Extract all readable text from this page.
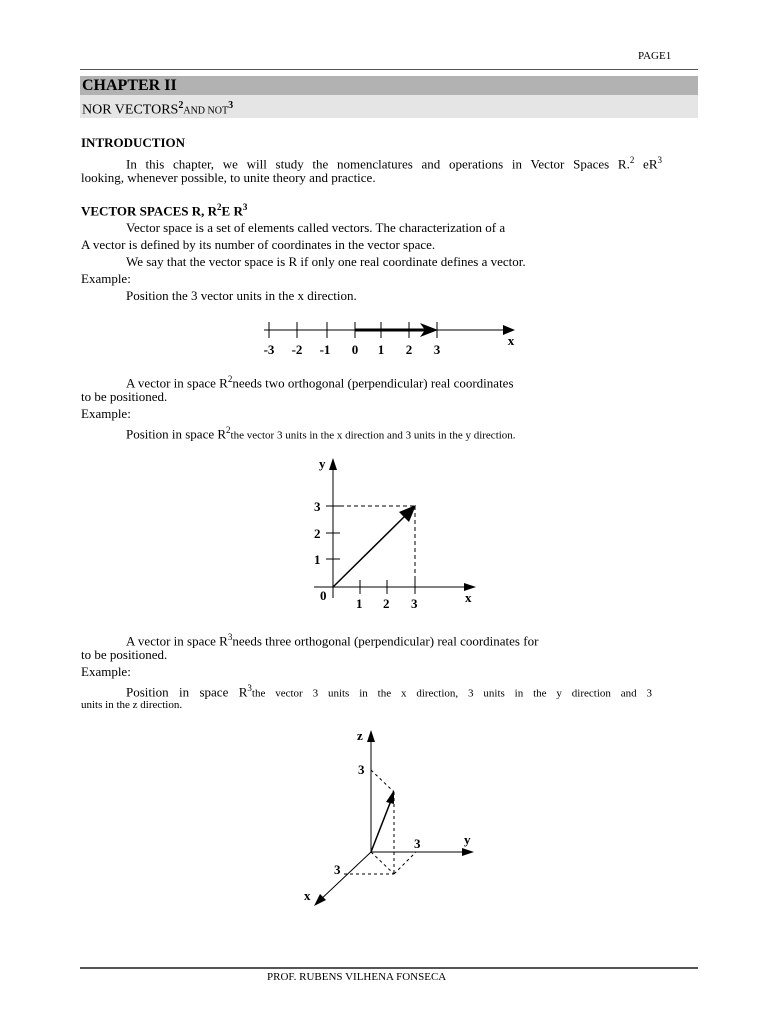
PAGE1
CHAPTER II
NOR VECTORS$^2$AND NOT$^3$
INTRODUCTION
In this chapter, we will study the nomenclatures and operations in Vector Spaces R.$^2$ $eR^3$
looking, whenever possible, to unite theory and practice.
VECTOR SPACES R, $R^2E$ $R^3$
Vector space is a set of elements called vectors. The characterization of a
A vector is defined by its number of coordinates in the vector space.
We say that the vector space is R if only one real coordinate defines a vector.
Example:
Position the 3 vector units in the x direction.
-3 -2 -1 0 1 2 3
x
A vector in space $R^2needs$ two orthogonal (perpendicular) real coordinates
to be positioned.
Example:
Position in space $R^2the$ vector 3 units in the x direction and 3 units in the y direction.
y
x
0
1 2 3
1
2
3
A vector in space $R^3needs$ three orthogonal (perpendicular) real coordinates for
to be positioned.
Example:
Position in space $R^3the$ vector 3 units in the x direction, 3 units in the y direction and 3
units in the z direction.
z
y
x
3
3
3
PROF. RUBENS VILHENA FONSECA
